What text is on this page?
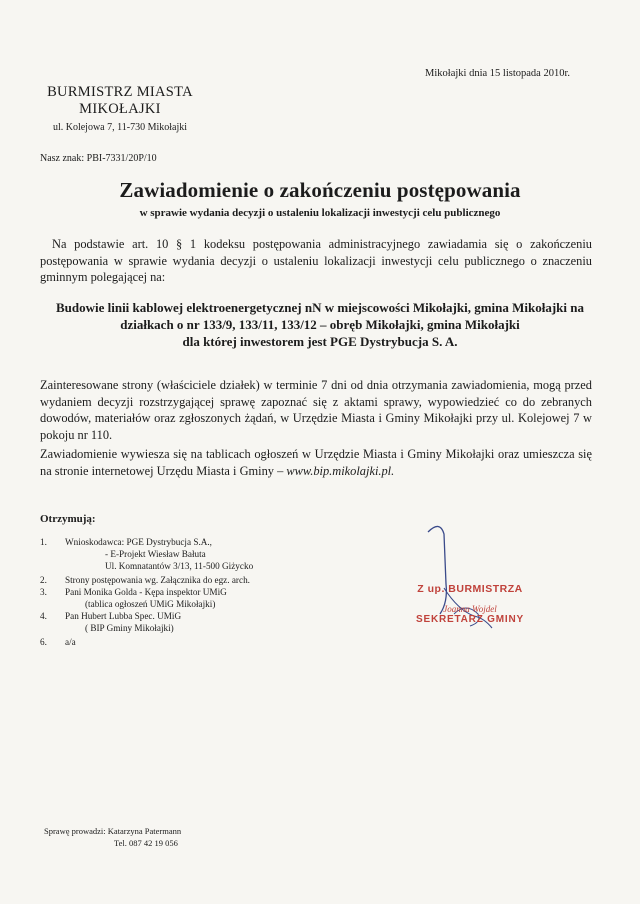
Mikołajki dnia 15 listopada 2010r.
BURMISTRZ MIASTA
MIKOŁAJKI
ul. Kolejowa 7, 11-730 Mikołajki
Nasz znak: PBI-7331/20P/10
Zawiadomienie o zakończeniu postępowania
w sprawie wydania decyzji o ustaleniu lokalizacji inwestycji celu publicznego
Na podstawie art. 10 § 1 kodeksu postępowania administracyjnego zawiadamia się o zakończeniu postępowania w sprawie wydania decyzji o ustaleniu lokalizacji inwestycji celu publicznego o znaczeniu gminnym polegającej na:
Budowie linii kablowej elektroenergetycznej nN w miejscowości Mikołajki, gmina Mikołajki na działkach o nr 133/9, 133/11, 133/12 – obręb Mikołajki, gmina Mikołajki
dla której inwestorem jest PGE Dystrybucja S. A.
Zainteresowane strony (właściciele działek) w terminie 7 dni od dnia otrzymania zawiadomienia, mogą przed wydaniem decyzji rozstrzygającej sprawę zapoznać się z aktami sprawy, wypowiedzieć co do zebranych dowodów, materiałów oraz zgłoszonych żądań, w Urzędzie Miasta i Gminy Mikołajki przy ul. Kolejowej 7 w pokoju nr 110.
Zawiadomienie wywiesza się na tablicach ogłoszeń w Urzędzie Miasta i Gminy Mikołajki oraz umieszcza się na stronie internetowej Urzędu Miasta i Gminy – www.bip.mikolajki.pl.
Otrzymują:
1. Wnioskodawca: PGE Dystrybucja S.A.,
- E-Projekt Wiesław Bałuta
Ul. Komnatantów 3/13, 11-500 Giżycko
2. Strony postępowania wg. Załącznika do egz. arch.
3. Pani Monika Golda - Kępa inspektor UMiG
(tablica ogłoszeń UMiG Mikołajki)
4. Pan Hubert Lubba Spec. UMiG
( BIP Gminy Mikołajki)
6. a/a
Z up. BURMISTRZA
Joanna Wojdel
SEKRETARZ GMINY
Sprawę prowadzi: Katarzyna Patermann
Tel. 087 42 19 056
